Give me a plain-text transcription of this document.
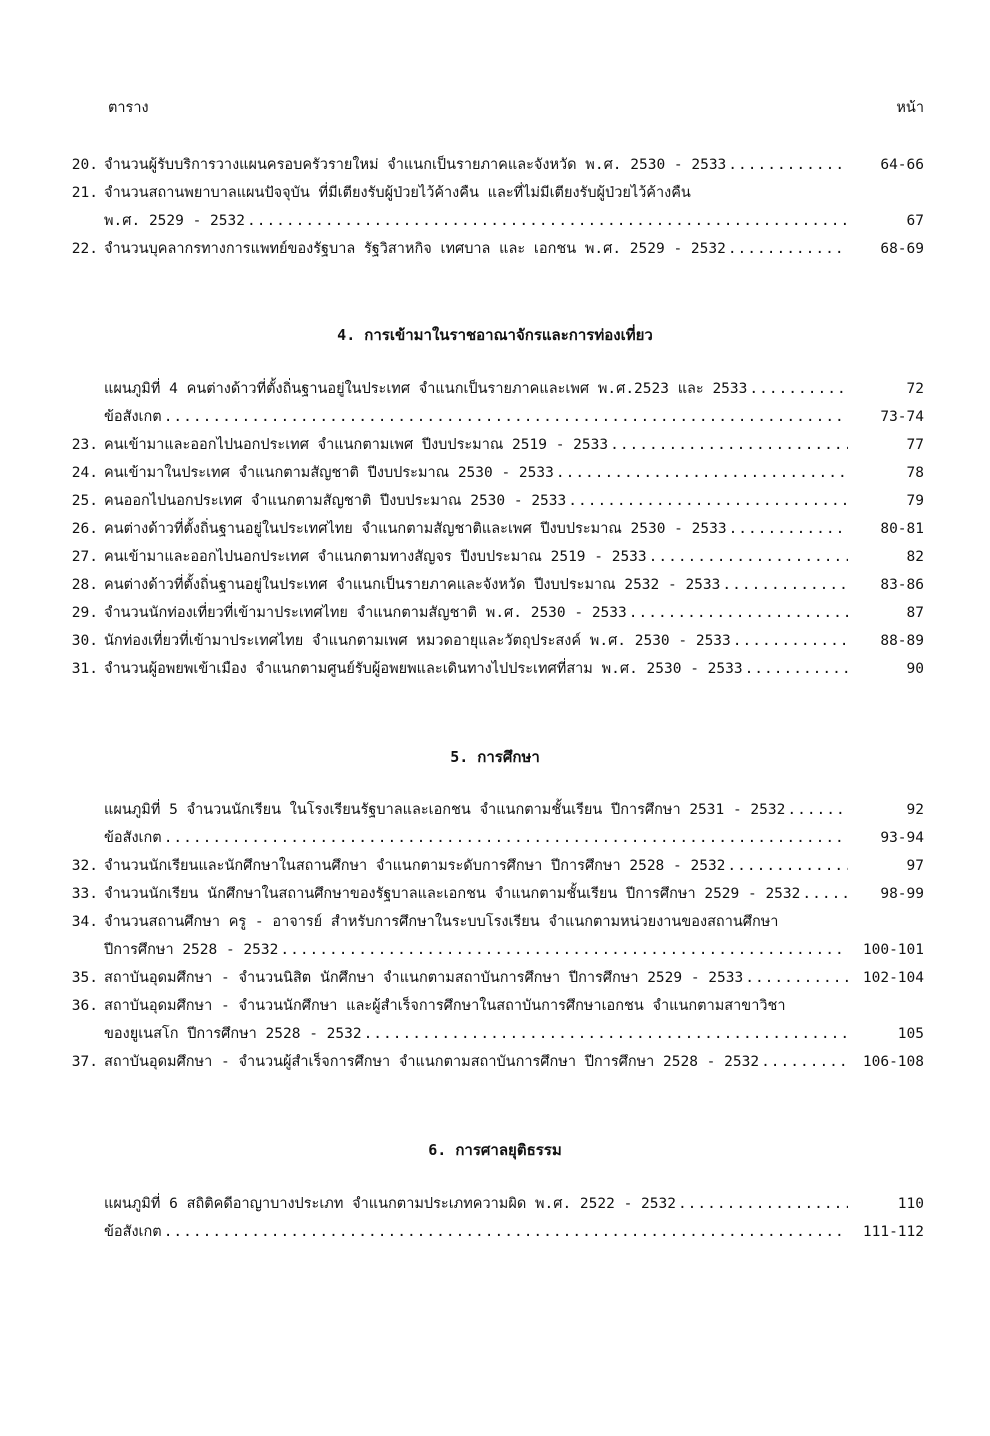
ตาราง	หน้า
20. จำนวนผู้รับบริการวางแผนครอบครัวรายใหม่ จำแนกเป็นรายภาคและจังหวัด พ.ศ. 2530 - 2533 .....	64-66
21. จำนวนสถานพยาบาลแผนปัจจุบัน ที่มีเตียงรับผู้ป่วยไว้ค้างคืน และที่ไม่มีเตียงรับผู้ป่วยไว้ค้างคืน
พ.ศ. 2529 - 2532 .....	67
22. จำนวนบุคลากรทางการแพทย์ของรัฐบาล รัฐวิสาหกิจ เทศบาล และ เอกชน พ.ศ. 2529 - 2532 .....	68-69
4. การเข้ามาในราชอาณาจักรและการท่องเที่ยว
แผนภูมิที่ 4 คนต่างด้าวที่ตั้งถิ่นฐานอยู่ในประเทศ จำแนกเป็นรายภาคและเพศ พ.ศ.2523 และ 2533 .....	72
ข้อสังเกต .....	73-74
23. คนเข้ามาและออกไปนอกประเทศ จำแนกตามเพศ ปีงบประมาณ 2519 - 2533 .....	77
24. คนเข้ามาในประเทศ จำแนกตามสัญชาติ ปีงบประมาณ 2530 - 2533 .....	78
25. คนออกไปนอกประเทศ จำแนกตามสัญชาติ ปีงบประมาณ 2530 - 2533 .....	79
26. คนต่างด้าวที่ตั้งถิ่นฐานอยู่ในประเทศไทย จำแนกตามสัญชาติและเพศ ปีงบประมาณ 2530 - 2533 .....	80-81
27. คนเข้ามาและออกไปนอกประเทศ จำแนกตามทางสัญจร ปีงบประมาณ 2519 - 2533 .....	82
28. คนต่างด้าวที่ตั้งถิ่นฐานอยู่ในประเทศ จำแนกเป็นรายภาคและจังหวัด ปีงบประมาณ 2532 - 2533 .....	83-86
29. จำนวนนักท่องเที่ยวที่เข้ามาประเทศไทย จำแนกตามสัญชาติ พ.ศ. 2530 - 2533 .....	87
30. นักท่องเที่ยวที่เข้ามาประเทศไทย จำแนกตามเพศ หมวดอายุและวัตถุประสงค์ พ.ศ. 2530 - 2533 .....	88-89
31. จำนวนผู้อพยพเข้าเมือง จำแนกตามศูนย์รับผู้อพยพและเดินทางไปประเทศที่สาม พ.ศ. 2530 - 2533 .....	90
5. การศึกษา
แผนภูมิที่ 5 จำนวนนักเรียน ในโรงเรียนรัฐบาลและเอกชน จำแนกตามชั้นเรียน ปีการศึกษา 2531 - 2532 .....	92
ข้อสังเกต .....	93-94
32. จำนวนนักเรียนและนักศึกษาในสถานศึกษา จำแนกตามระดับการศึกษา ปีการศึกษา 2528 - 2532 .....	97
33. จำนวนนักเรียน นักศึกษาในสถานศึกษาของรัฐบาลและเอกชน จำแนกตามชั้นเรียน ปีการศึกษา 2529 - 2532 .....	98-99
34. จำนวนสถานศึกษา ครู - อาจารย์ สำหรับการศึกษาในระบบโรงเรียน จำแนกตามหน่วยงานของสถานศึกษา
ปีการศึกษา 2528 - 2532 .....	100-101
35. สถาบันอุดมศึกษา - จำนวนนิสิต นักศึกษา จำแนกตามสถาบันการศึกษา ปีการศึกษา 2529 - 2533 .....	102-104
36. สถาบันอุดมศึกษา - จำนวนนักศึกษา และผู้สำเร็จการศึกษาในสถาบันการศึกษาเอกชน จำแนกตามสาขาวิชา
ของยูเนสโก ปีการศึกษา 2528 - 2532 .....	105
37. สถาบันอุดมศึกษา - จำนวนผู้สำเร็จการศึกษา จำแนกตามสถาบันการศึกษา ปีการศึกษา 2528 - 2532 .....	106-108
6. การศาลยุติธรรม
แผนภูมิที่ 6 สถิติคดีอาญาบางประเภท จำแนกตามประเภทความผิด พ.ศ. 2522 - 2532 .....	110
ข้อสังเกต .....	111-112
